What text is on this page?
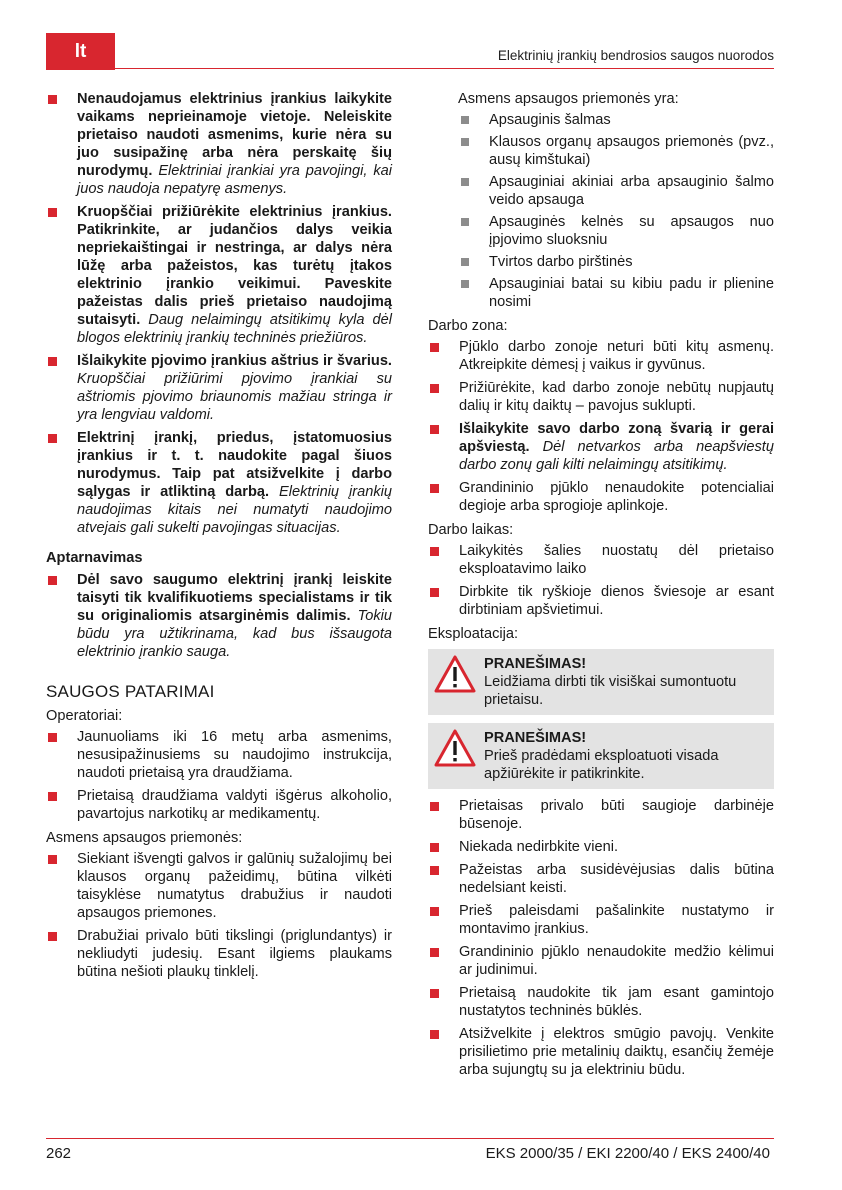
lt	Elektrinių įrankių bendrosios saugos nuorodos
Nenaudojamus elektrinius įrankius laikykite vaikams neprieinamoje vietoje. Neleiskite prietaiso naudoti asmenims, kurie nėra su juo susipažinę arba nėra perskaitę šių nurodymų. Elektriniai įrankiai yra pavojingi, kai juos naudoja nepatyrę asmenys.
Kruopščiai prižiūrėkite elektrinius įrankius. Patikrinkite, ar judančios dalys veikia nepriekaištingai ir nestringa, ar dalys nėra lūžę arba pažeistos, kas turėtų įtakos elektrinio įrankio veikimui. Paveskite pažeistas dalis prieš prietaiso naudojimą sutaisyti. Daug nelaimingų atsitikimų kyla dėl blogos elektrinių įrankių techninės priežiūros.
Išlaikykite pjovimo įrankius aštrius ir švarius. Kruopščiai prižiūrimi pjovimo įrankiai su aštriomis pjovimo briaunomis mažiau stringa ir yra lengviau valdomi.
Elektrinį įrankį, priedus, įstatomuosius įrankius ir t. t. naudokite pagal šiuos nurodymus. Taip pat atsižvelkite į darbo sąlygas ir atliktiną darbą. Elektrinių įrankių naudojimas kitais nei numatyti naudojimo atvejais gali sukelti pavojingas situacijas.
Aptarnavimas
Dėl savo saugumo elektrinį įrankį leiskite taisyti tik kvalifikuotiems specialistams ir tik su originaliomis atsarginėmis dalimis. Tokiu būdu yra užtikrinama, kad bus išsaugota elektrinio įrankio sauga.
SAUGOS PATARIMAI
Operatoriai:
Jaunuoliams iki 16 metų arba asmenims, nesusipažinusiems su naudojimo instrukcija, naudoti prietaisą yra draudžiama.
Prietaisą draudžiama valdyti išgėrus alkoholio, pavartojus narkotikų ar medikamentų.
Asmens apsaugos priemonės:
Siekiant išvengti galvos ir galūnių sužalojimų bei klausos organų pažeidimų, būtina vilkėti taisyklėse numatytus drabužius ir naudoti apsaugos priemones.
Drabužiai privalo būti tikslingi (priglundantys) ir nekliudyti judesių. Esant ilgiems plaukams būtina nešioti plaukų tinklelį.
Asmens apsaugos priemonės yra:
Apsauginis šalmas
Klausos organų apsaugos priemonės (pvz., ausų kimštukai)
Apsauginiai akiniai arba apsauginio šalmo veido apsauga
Apsauginės kelnės su apsaugos nuo įpjovimo sluoksniu
Tvirtos darbo pirštinės
Apsauginiai batai su kibiu padu ir plienine nosimi
Darbo zona:
Pjūklo darbo zonoje neturi būti kitų asmenų. Atkreipkite dėmesį į vaikus ir gyvūnus.
Prižiūrėkite, kad darbo zonoje nebūtų nupjautų dalių ir kitų daiktų – pavojus suklupti.
Išlaikykite savo darbo zoną švarią ir gerai apšviestą. Dėl netvarkos arba neapšviestų darbo zonų gali kilti nelaimingų atsitikimų.
Grandininio pjūklo nenaudokite potencialiai degioje arba sprogioje aplinkoje.
Darbo laikas:
Laikykitės šalies nuostatų dėl prietaiso eksploatavimo laiko
Dirbkite tik ryškioje dienos šviesoje ar esant dirbtiniam apšvietimui.
Eksploatacija:
PRANEŠIMAS!
Leidžiama dirbti tik visiškai sumontuotu prietaisu.
PRANEŠIMAS!
Prieš pradėdami eksploatuoti visada apžiūrėkite ir patikrinkite.
Prietaisas privalo būti saugioje darbinėje būsenoje.
Niekada nedirbkite vieni.
Pažeistas arba susidėvėjusias dalis būtina nedelsiant keisti.
Prieš paleisdami pašalinkite nustatymo ir montavimo įrankius.
Grandininio pjūklo nenaudokite medžio kėlimui ar judinimui.
Prietaisą naudokite tik jam esant gamintojo nustatytos techninės būklės.
Atsižvelkite į elektros smūgio pavojų. Venkite prisilietimo prie metalinių daiktų, esančių žemėje arba sujungtų su ja elektriniu būdu.
262	EKS 2000/35 / EKI 2200/40 / EKS 2400/40
